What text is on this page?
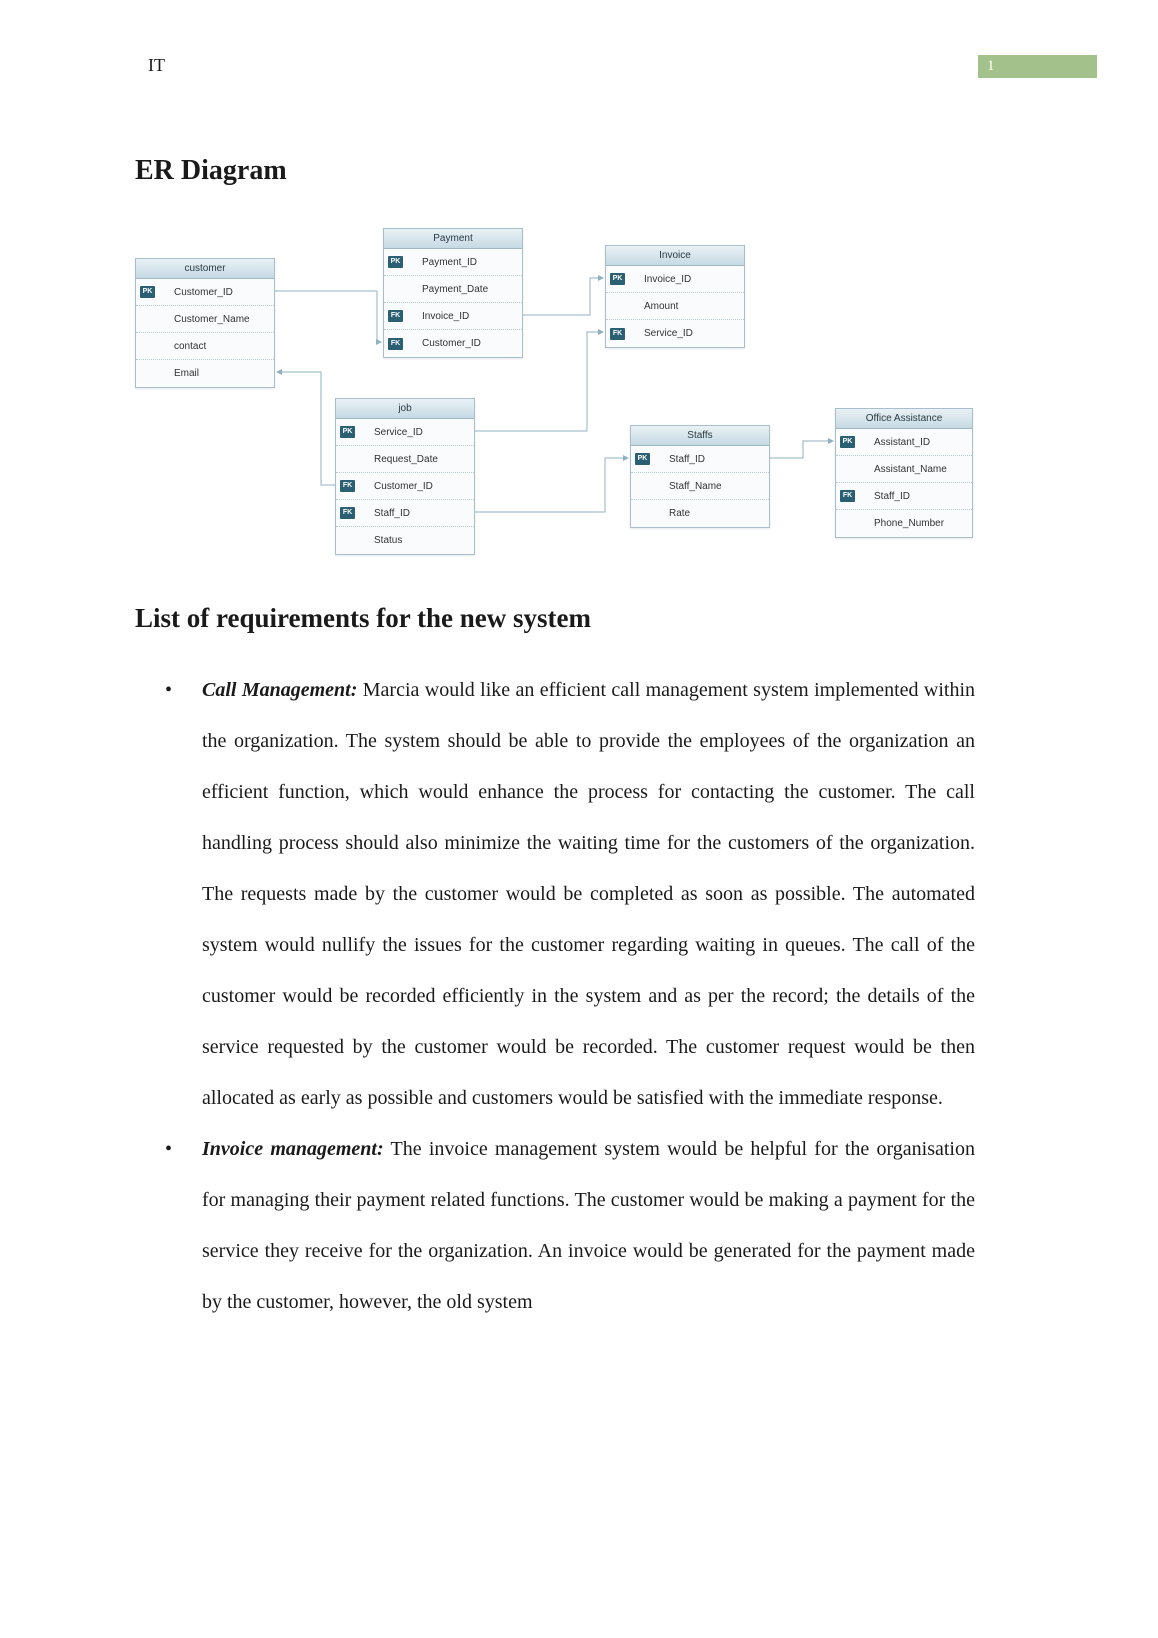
IT	1
ER Diagram
customer
PK Customer_ID
Customer_Name
contact
Email
Payment
PK Payment_ID
Payment_Date
FK Invoice_ID
FK Customer_ID
Invoice
PK Invoice_ID
Amount
FK Service_ID
job
PK Service_ID
Request_Date
FK Customer_ID
FK Staff_ID
Status
Staffs
PK Staff_ID
Staff_Name
Rate
Office Assistance
PK Assistant_ID
Assistant_Name
FK Staff_ID
Phone_Number
List of requirements for the new system
• Call Management: Marcia would like an efficient call management system implemented within the organization. The system should be able to provide the employees of the organization an efficient function, which would enhance the process for contacting the customer. The call handling process should also minimize the waiting time for the customers of the organization. The requests made by the customer would be completed as soon as possible. The automated system would nullify the issues for the customer regarding waiting in queues. The call of the customer would be recorded efficiently in the system and as per the record; the details of the service requested by the customer would be recorded. The customer request would be then allocated as early as possible and customers would be satisfied with the immediate response.
• Invoice management: The invoice management system would be helpful for the organisation for managing their payment related functions. The customer would be making a payment for the service they receive for the organization. An invoice would be generated for the payment made by the customer, however, the old system
